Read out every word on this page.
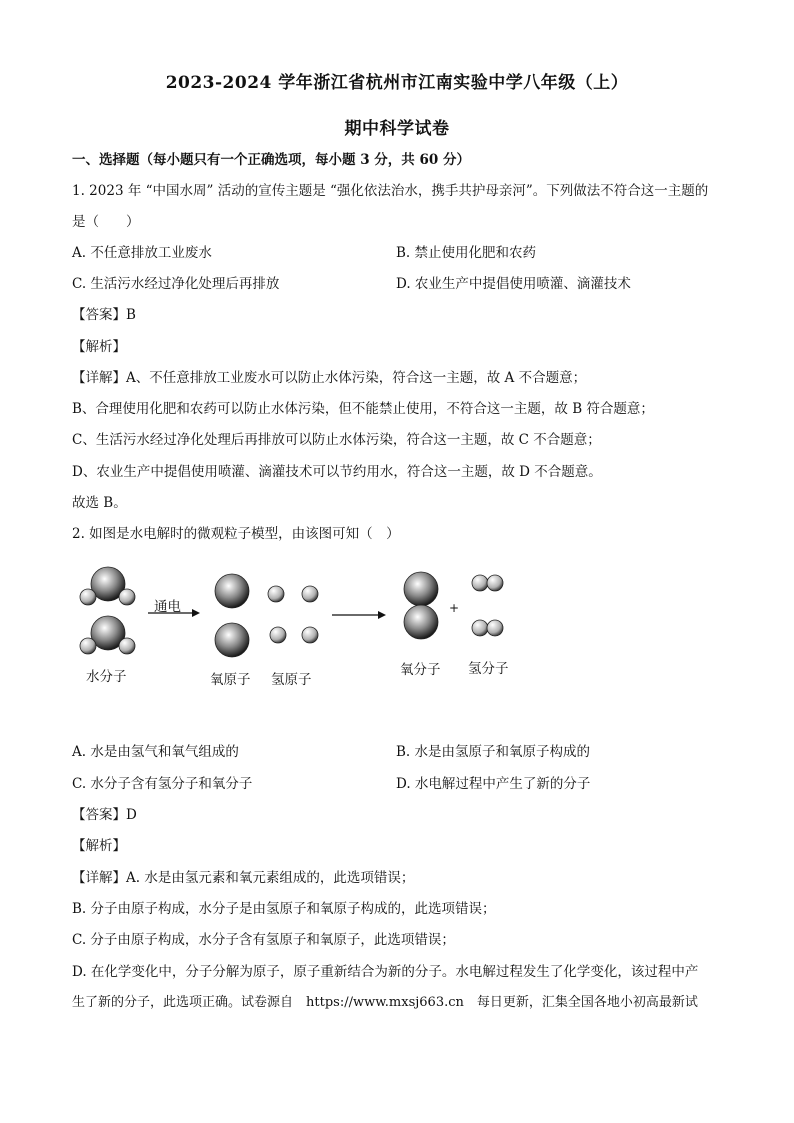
2023-2024 学年浙江省杭州市江南实验中学八年级（上）
期中科学试卷
一、选择题（每小题只有一个正确选项，每小题 3 分，共 60 分）
1. 2023 年 “中国水周” 活动的宣传主题是 “强化依法治水，携手共护母亲河”。下列做法不符合这一主题的
是（　　）
A. 不任意排放工业废水	B. 禁止使用化肥和农药
C. 生活污水经过净化处理后再排放	D. 农业生产中提倡使用喷灌、滴灌技术
【答案】B
【解析】
【详解】A、不任意排放工业废水可以防止水体污染，符合这一主题，故 A 不合题意；
B、合理使用化肥和农药可以防止水体污染，但不能禁止使用，不符合这一主题，故 B 符合题意；
C、生活污水经过净化处理后再排放可以防止水体污染，符合这一主题，故 C 不合题意；
D、农业生产中提倡使用喷灌、滴灌技术可以节约用水，符合这一主题，故 D 不合题意。
故选 B。
2. 如图是水电解时的微观粒子模型，由该图可知（　）
通电	+
水分子	氧原子 氢原子
氧分子 氢分子
A. 水是由氢气和氧气组成的	B. 水是由氢原子和氧原子构成的
C. 水分子含有氢分子和氧分子	D. 水电解过程中产生了新的分子
【答案】D
【解析】
【详解】A. 水是由氢元素和氧元素组成的，此选项错误；
B. 分子由原子构成，水分子是由氢原子和氧原子构成的，此选项错误；
C. 分子由原子构成，水分子含有氢原子和氧原子，此选项错误；
D. 在化学变化中，分子分解为原子，原子重新结合为新的分子。水电解过程发生了化学变化，该过程中产
生了新的分子，此选项正确。试卷源自　https://www.mxsj663.cn　每日更新，汇集全国各地小初高最新试
